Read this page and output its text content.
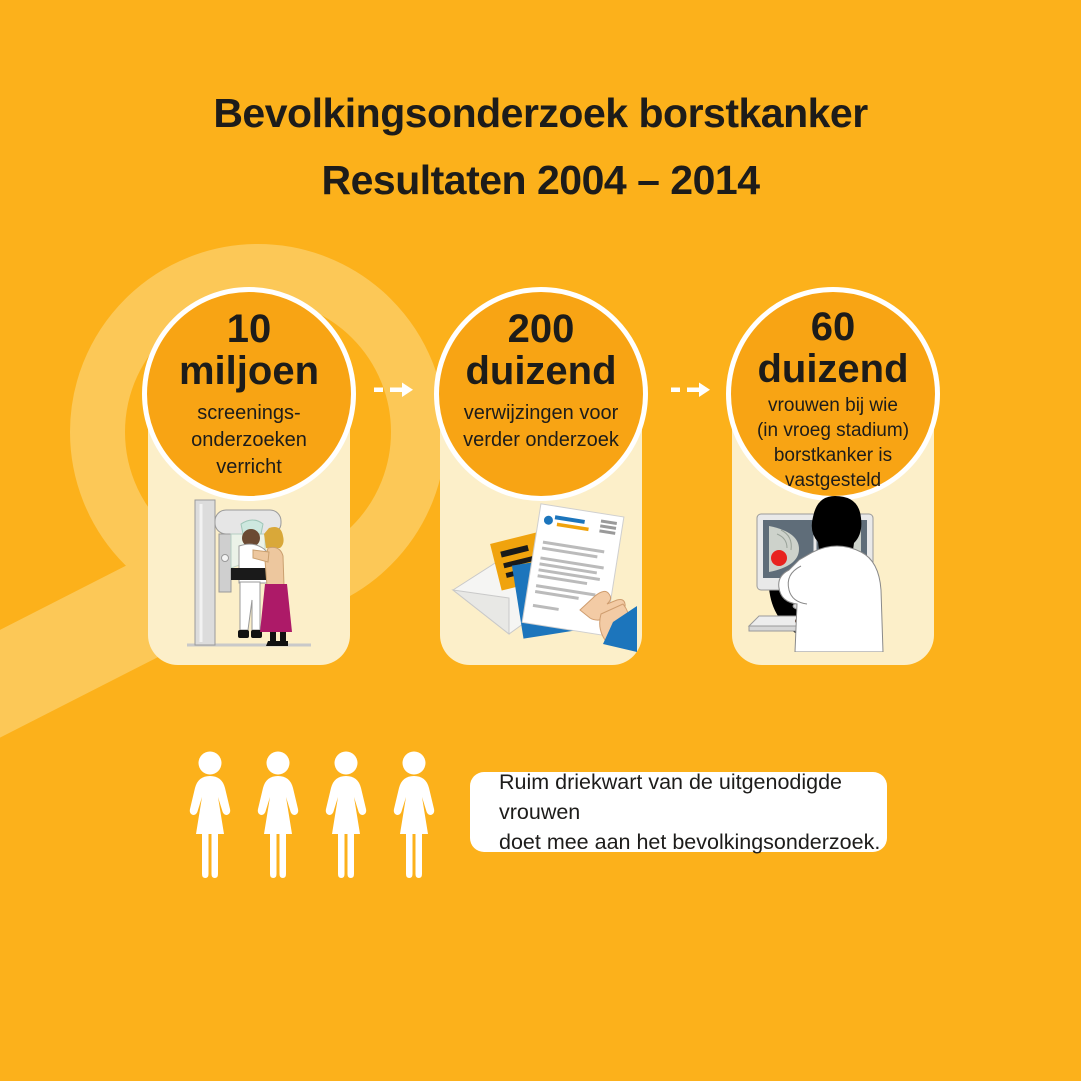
Bevolkingsonderzoek borstkanker
Resultaten 2004 – 2014
10
miljoen
screenings-
onderzoeken
verricht
200
duizend
verwijzingen voor
verder onderzoek
60
duizend
vrouwen bij wie
(in vroeg stadium)
borstkanker is
vastgesteld
Ruim driekwart van de uitgenodigde vrouwen
doet mee aan het bevolkingsonderzoek.
